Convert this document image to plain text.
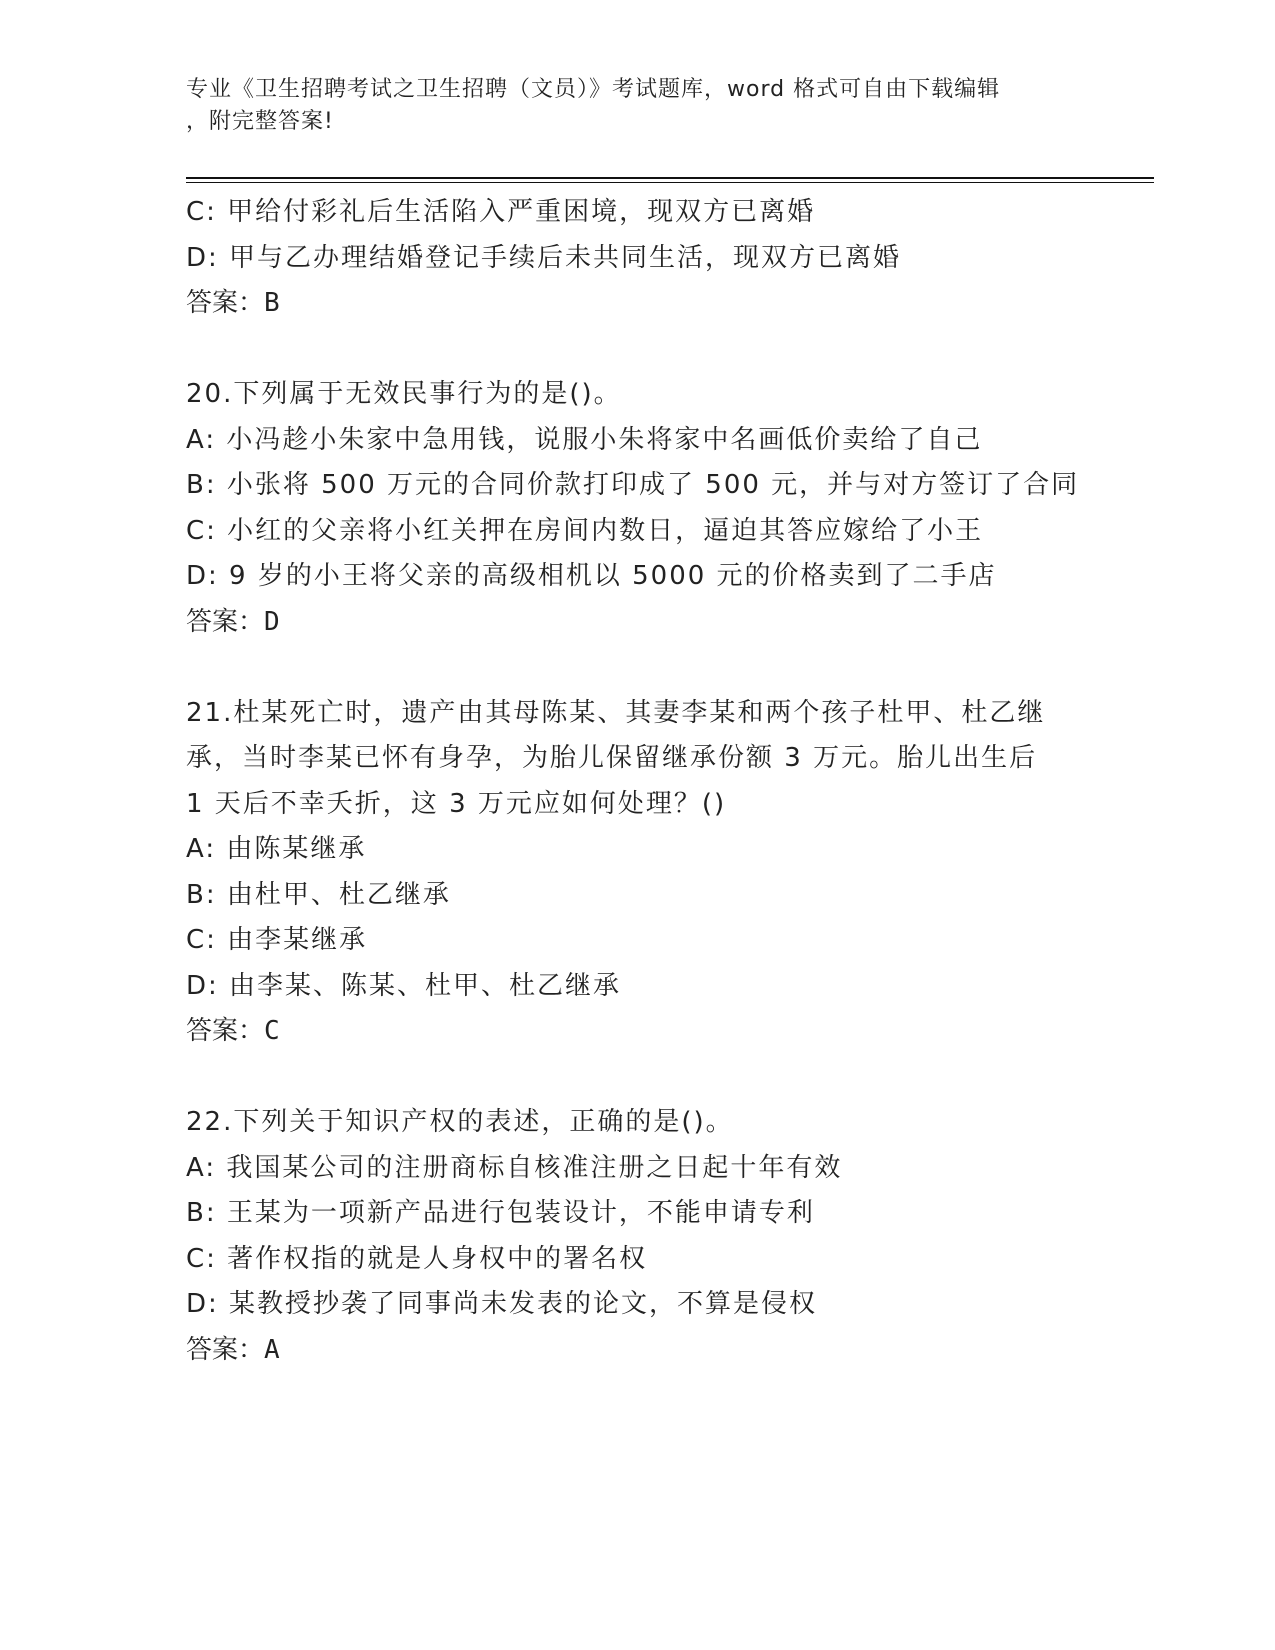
专业《卫生招聘考试之卫生招聘（文员）》考试题库，word 格式可自由下载编辑
，附完整答案!
C: 甲给付彩礼后生活陷入严重困境，现双方已离婚
D: 甲与乙办理结婚登记手续后未共同生活，现双方已离婚
答案：B
20.下列属于无效民事行为的是()。
A: 小冯趁小朱家中急用钱，说服小朱将家中名画低价卖给了自己
B: 小张将 500 万元的合同价款打印成了 500 元，并与对方签订了合同
C: 小红的父亲将小红关押在房间内数日，逼迫其答应嫁给了小王
D: 9 岁的小王将父亲的高级相机以 5000 元的价格卖到了二手店
答案：D
21.杜某死亡时，遗产由其母陈某、其妻李某和两个孩子杜甲、杜乙继
承，当时李某已怀有身孕，为胎儿保留继承份额 3 万元。胎儿出生后
1 天后不幸夭折，这 3 万元应如何处理？()
A: 由陈某继承
B: 由杜甲、杜乙继承
C: 由李某继承
D: 由李某、陈某、杜甲、杜乙继承
答案：C
22.下列关于知识产权的表述，正确的是()。
A: 我国某公司的注册商标自核准注册之日起十年有效
B: 王某为一项新产品进行包装设计，不能申请专利
C: 著作权指的就是人身权中的署名权
D: 某教授抄袭了同事尚未发表的论文，不算是侵权
答案：A
